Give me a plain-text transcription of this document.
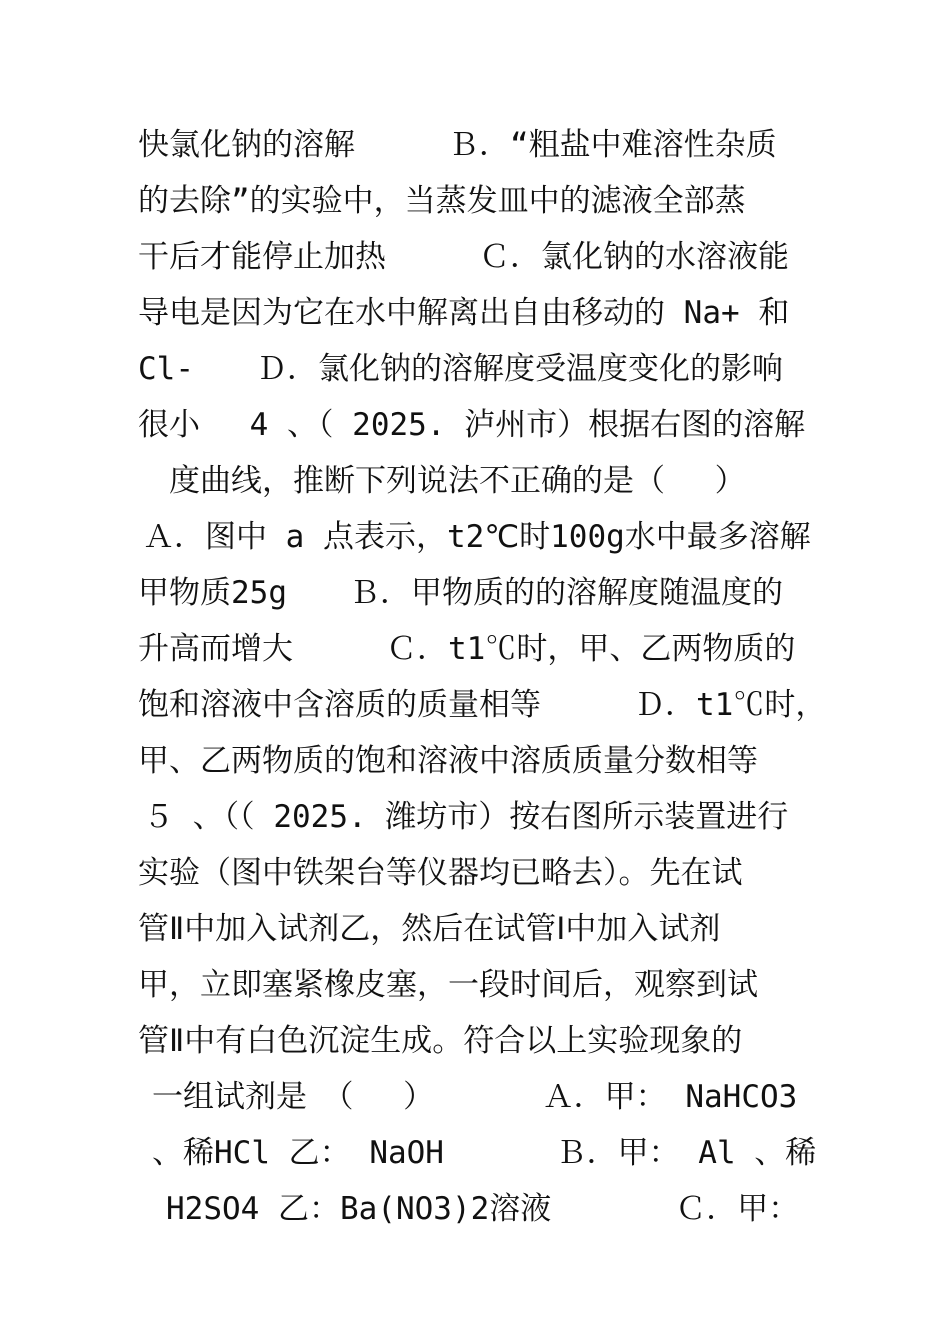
快氯化钠的溶解　　　Ｂ．“粗盐中难溶性杂质
的去除”的实验中，当蒸发皿中的滤液全部蒸
干后才能停止加热　　　Ｃ．氯化钠的水溶液能
导电是因为它在水中解离出自由移动的 Na+ 和
Cl-　　Ｄ．氯化钠的溶解度受温度变化的影响
很小　 4 、（ 2025. 泸州市）根据右图的溶解
　度曲线，推断下列说法不正确的是（　 ）
Ａ．图中 a 点表示，t2℃时100g水中最多溶解
甲物质25g　　Ｂ．甲物质的的溶解度随温度的
升高而增大　　　Ｃ．t1℃时，甲、乙两物质的
饱和溶液中含溶质的质量相等　　　Ｄ．t1℃时，
甲、乙两物质的饱和溶液中溶质质量分数相等
５ 、（（ 2025. 潍坊市）按右图所示装置进行
实验（图中铁架台等仪器均已略去）。先在试
管Ⅱ中加入试剂乙，然后在试管Ⅰ中加入试剂
甲，立即塞紧橡皮塞，一段时间后，观察到试
管Ⅱ中有白色沉淀生成。符合以上实验现象的
一组试剂是　（　 ）　　　　Ａ．甲： NaHCO3
、稀HCl 乙： NaOH　　　 Ｂ．甲： Al 、稀
H2SO4 乙：Ba(NO3)2溶液　　　　Ｃ．甲：
